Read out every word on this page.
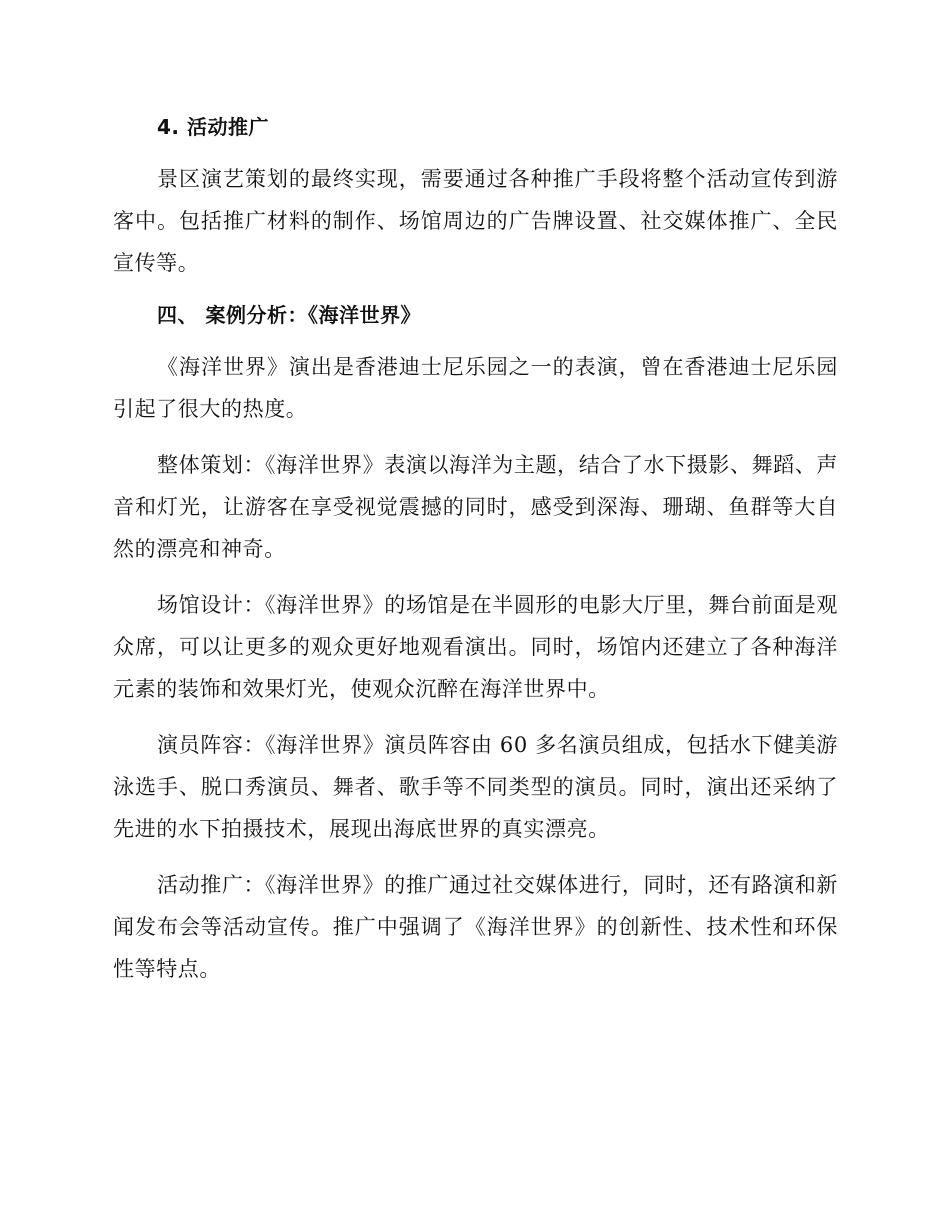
4. 活动推广

景区演艺策划的最终实现，需要通过各种推广手段将整个活动宣传到游客中。包括推广材料的制作、场馆周边的广告牌设置、社交媒体推广、全民宣传等。

四、 案例分析：《海洋世界》

《海洋世界》演出是香港迪士尼乐园之一的表演，曾在香港迪士尼乐园引起了很大的热度。

整体策划：《海洋世界》表演以海洋为主题，结合了水下摄影、舞蹈、声音和灯光，让游客在享受视觉震撼的同时，感受到深海、珊瑚、鱼群等大自然的漂亮和神奇。

场馆设计：《海洋世界》的场馆是在半圆形的电影大厅里，舞台前面是观众席，可以让更多的观众更好地观看演出。同时，场馆内还建立了各种海洋元素的装饰和效果灯光，使观众沉醉在海洋世界中。

演员阵容：《海洋世界》演员阵容由 60 多名演员组成，包括水下健美游泳选手、脱口秀演员、舞者、歌手等不同类型的演员。同时，演出还采纳了先进的水下拍摄技术，展现出海底世界的真实漂亮。

活动推广：《海洋世界》的推广通过社交媒体进行，同时，还有路演和新闻发布会等活动宣传。推广中强调了《海洋世界》的创新性、技术性和环保性等特点。
